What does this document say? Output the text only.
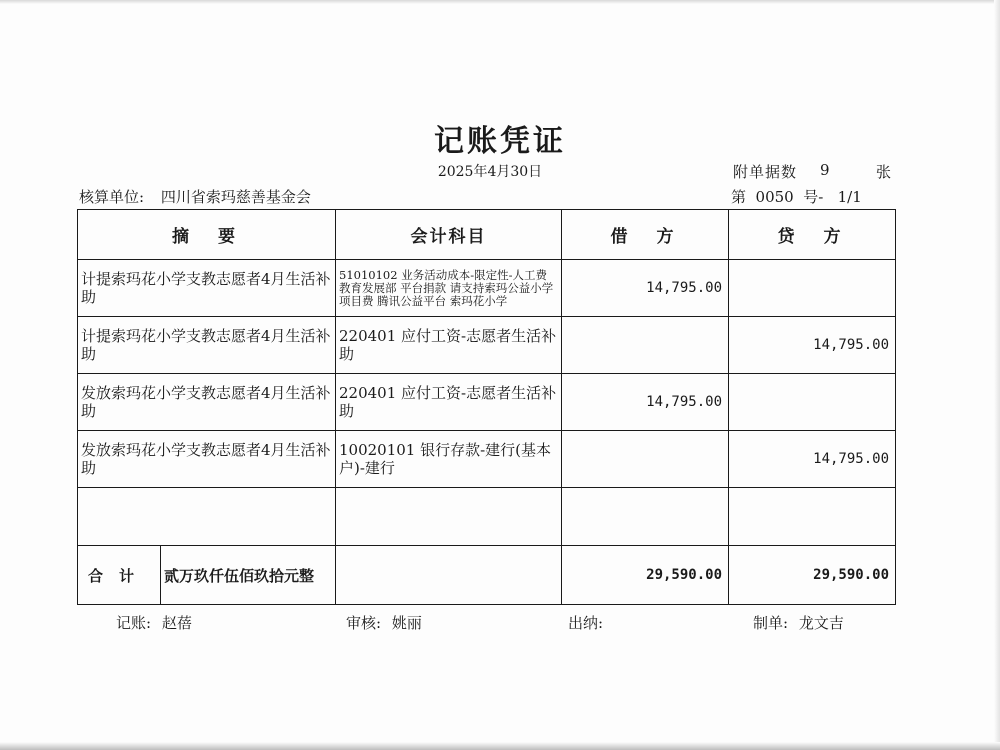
记账凭证
2025年4月30日	附单据数 9	张
核算单位: 四川省索玛慈善基金会	第  0050  号-   1/1
摘　要	会计科目	借　方	贷　方
计提索玛花小学支教志愿者4月生活补助	51010102 业务活动成本-限定性-人工费 教育发展部 平台捐款 请支持索玛公益小学 项目费 腾讯公益平台 索玛花小学	14,795.00	
计提索玛花小学支教志愿者4月生活补助	220401 应付工资-志愿者生活补助		14,795.00
发放索玛花小学支教志愿者4月生活补助	220401 应付工资-志愿者生活补助	14,795.00	
发放索玛花小学支教志愿者4月生活补助	10020101 银行存款-建行(基本户)-建行		14,795.00

合计 贰万玖仟伍佰玖拾元整		29,590.00	29,590.00
记账: 赵蓓	审核: 姚丽	出纳:	制单: 龙文吉
